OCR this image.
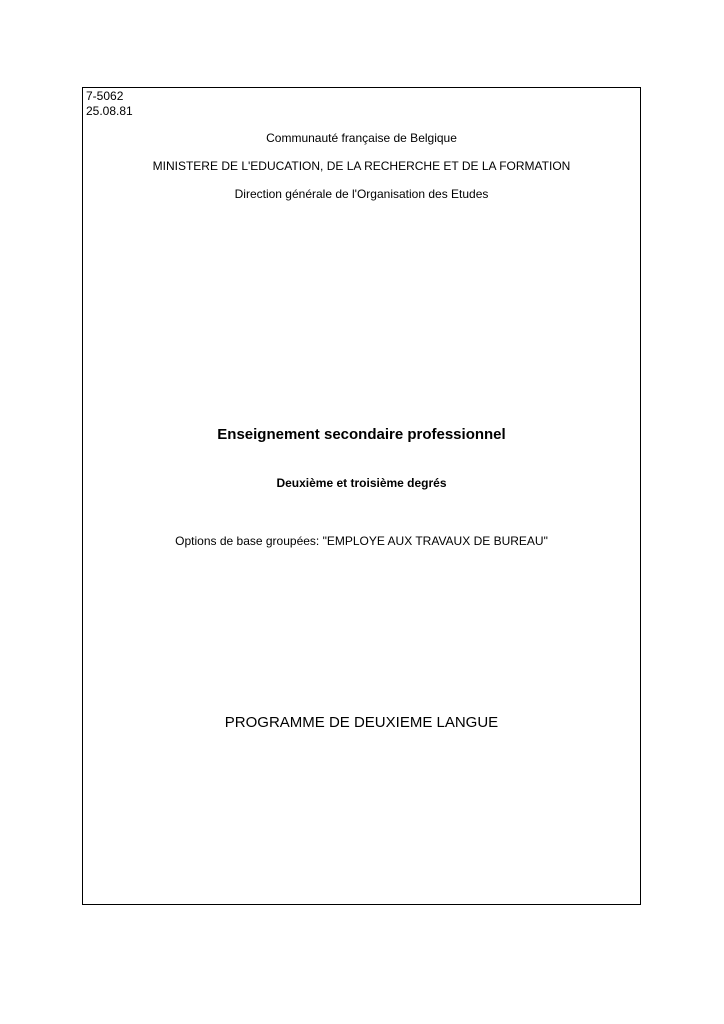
7-5062
25.08.81
Communauté française de Belgique
MINISTERE DE L'EDUCATION, DE LA RECHERCHE ET DE LA FORMATION
Direction générale de l'Organisation des Etudes
Enseignement secondaire professionnel
Deuxième et troisième degrés
Options de base groupées: "EMPLOYE AUX TRAVAUX DE BUREAU"
PROGRAMME DE DEUXIEME LANGUE
